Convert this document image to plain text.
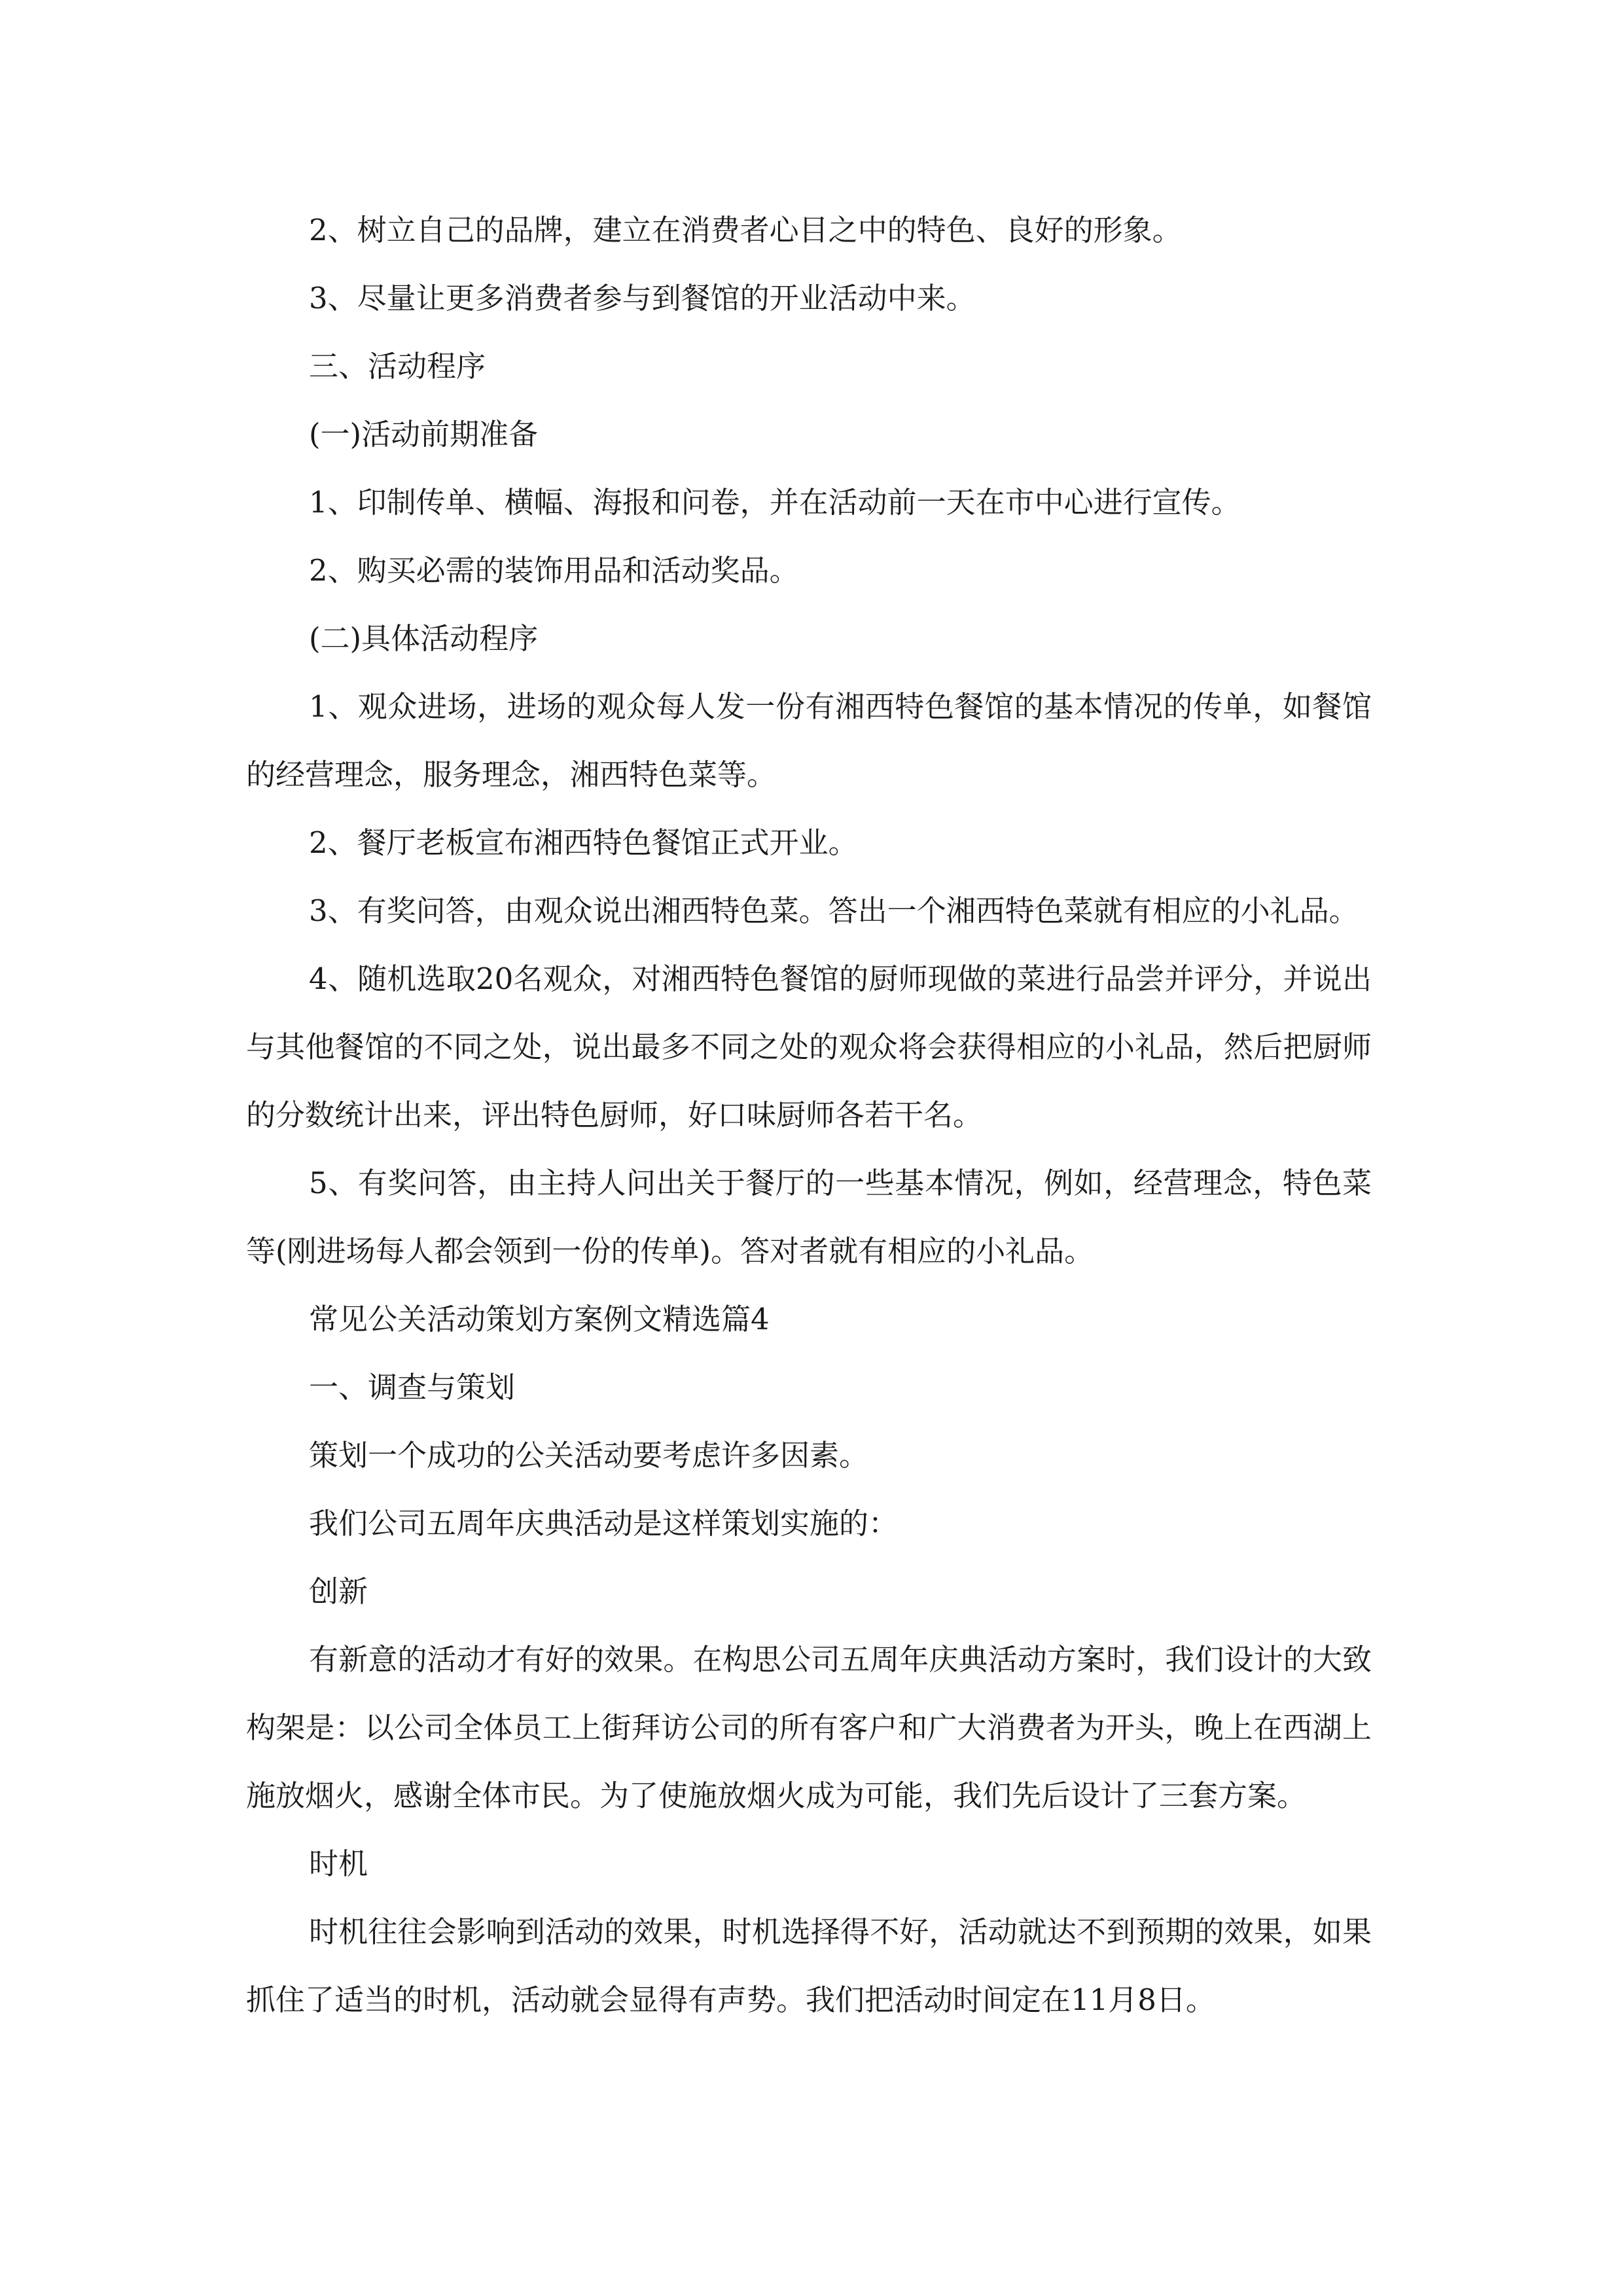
2、树立自己的品牌，建立在消费者心目之中的特色、良好的形象。

3、尽量让更多消费者参与到餐馆的开业活动中来。

三、活动程序

(一)活动前期准备

1、印制传单、横幅、海报和问卷，并在活动前一天在市中心进行宣传。

2、购买必需的装饰用品和活动奖品。

(二)具体活动程序

1、观众进场，进场的观众每人发一份有湘西特色餐馆的基本情况的传单，如餐馆的经营理念，服务理念，湘西特色菜等。

2、餐厅老板宣布湘西特色餐馆正式开业。

3、有奖问答，由观众说出湘西特色菜。答出一个湘西特色菜就有相应的小礼品。

4、随机选取20名观众，对湘西特色餐馆的厨师现做的菜进行品尝并评分，并说出与其他餐馆的不同之处，说出最多不同之处的观众将会获得相应的小礼品，然后把厨师的分数统计出来，评出特色厨师，好口味厨师各若干名。

5、有奖问答，由主持人问出关于餐厅的一些基本情况，例如，经营理念，特色菜等(刚进场每人都会领到一份的传单)。答对者就有相应的小礼品。

常见公关活动策划方案例文精选篇4

一、调查与策划

策划一个成功的公关活动要考虑许多因素。

我们公司五周年庆典活动是这样策划实施的：

创新

有新意的活动才有好的效果。在构思公司五周年庆典活动方案时，我们设计的大致构架是：以公司全体员工上街拜访公司的所有客户和广大消费者为开头，晚上在西湖上施放烟火，感谢全体市民。为了使施放烟火成为可能，我们先后设计了三套方案。

时机

时机往往会影响到活动的效果，时机选择得不好，活动就达不到预期的效果，如果抓住了适当的时机，活动就会显得有声势。我们把活动时间定在11月8日。
